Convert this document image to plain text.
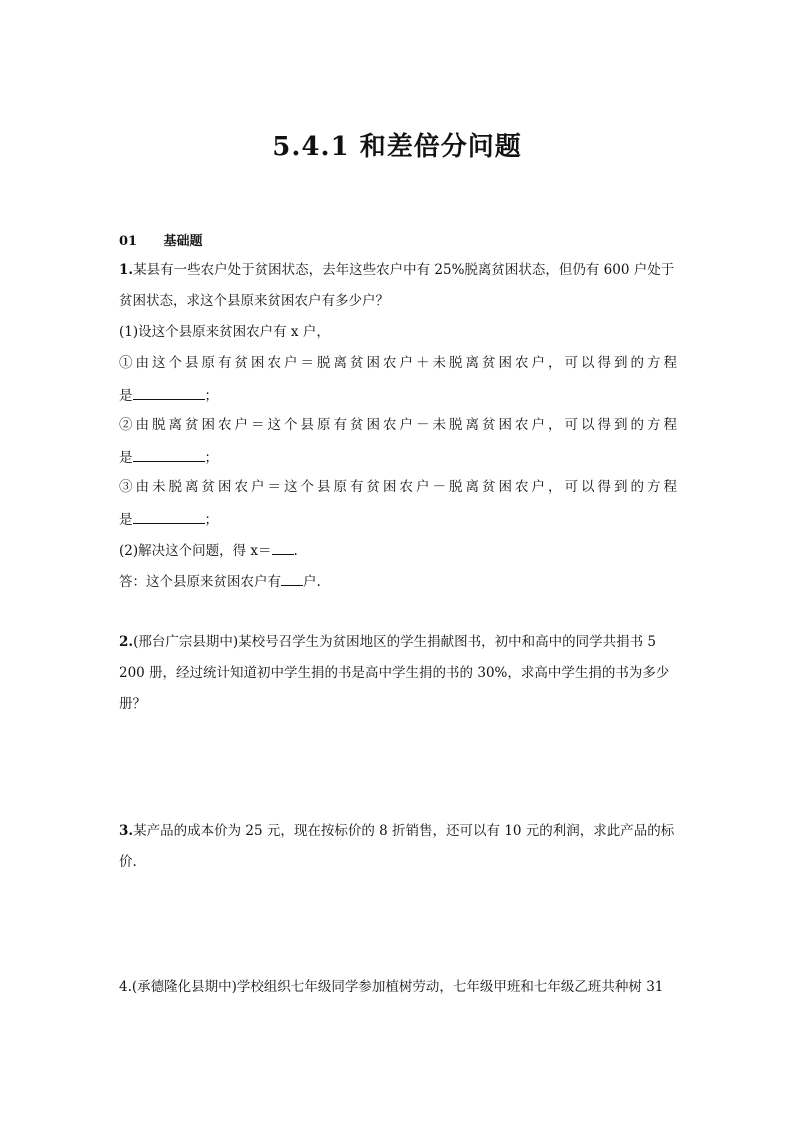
5.4.1 和差倍分问题
01 基础题
1.某县有一些农户处于贫困状态，去年这些农户中有 25%脱离贫困状态，但仍有 600 户处于
贫困状态，求这个县原来贫困农户有多少户？
(1)设这个县原来贫困农户有 x 户，
①由这个县原有贫困农户＝脱离贫困农户＋未脱离贫困农户，可以得到的方程
是	；
②由脱离贫困农户＝这个县原有贫困农户－未脱离贫困农户，可以得到的方程
是	；
③由未脱离贫困农户＝这个县原有贫困农户－脱离贫困农户，可以得到的方程
是	；
(2)解决这个问题，得 x＝ .
答：这个县原来贫困农户有 户.
2.(邢台广宗县期中)某校号召学生为贫困地区的学生捐献图书，初中和高中的同学共捐书 5
200 册，经过统计知道初中学生捐的书是高中学生捐的书的 30%，求高中学生捐的书为多少
册？
3.某产品的成本价为 25 元，现在按标价的 8 折销售，还可以有 10 元的利润，求此产品的标
价.
4.(承德隆化县期中)学校组织七年级同学参加植树劳动，七年级甲班和七年级乙班共种树 31
